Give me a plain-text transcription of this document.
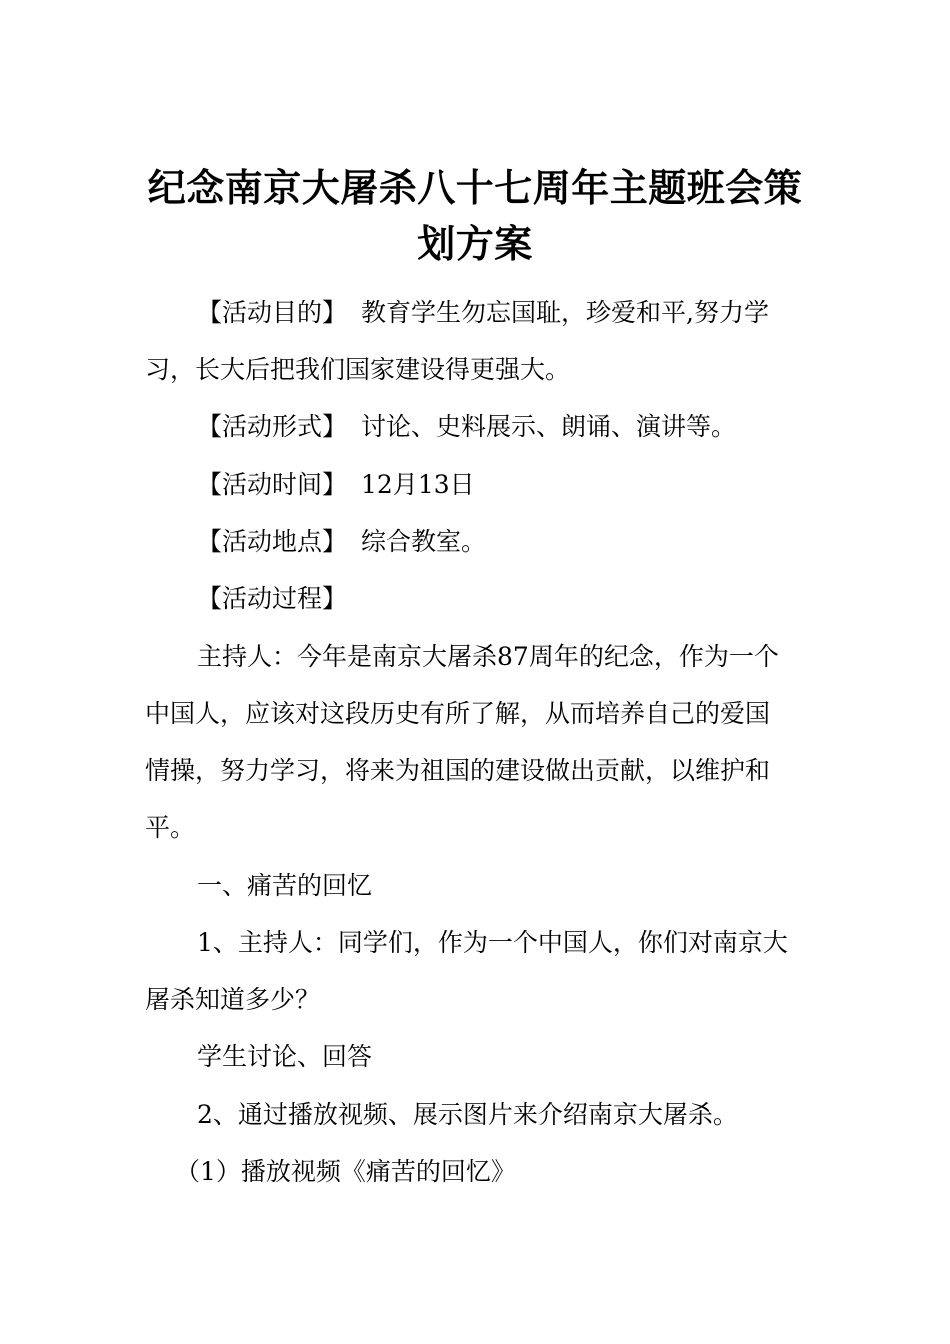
纪念南京大屠杀八十七周年主题班会策
划方案

【活动目的】 教育学生勿忘国耻，珍爱和平,努力学

习，长大后把我们国家建设得更强大。

【活动形式】 讨论、史料展示、朗诵、演讲等。

【活动时间】 12月13日

【活动地点】 综合教室。

【活动过程】

主持人：今年是南京大屠杀87周年的纪念，作为一个

中国人，应该对这段历史有所了解，从而培养自己的爱国

情操，努力学习，将来为祖国的建设做出贡献，以维护和

平。

一、痛苦的回忆

1、主持人：同学们，作为一个中国人，你们对南京大

屠杀知道多少？

学生讨论、回答

2、通过播放视频、展示图片来介绍南京大屠杀。

（1）播放视频《痛苦的回忆》
